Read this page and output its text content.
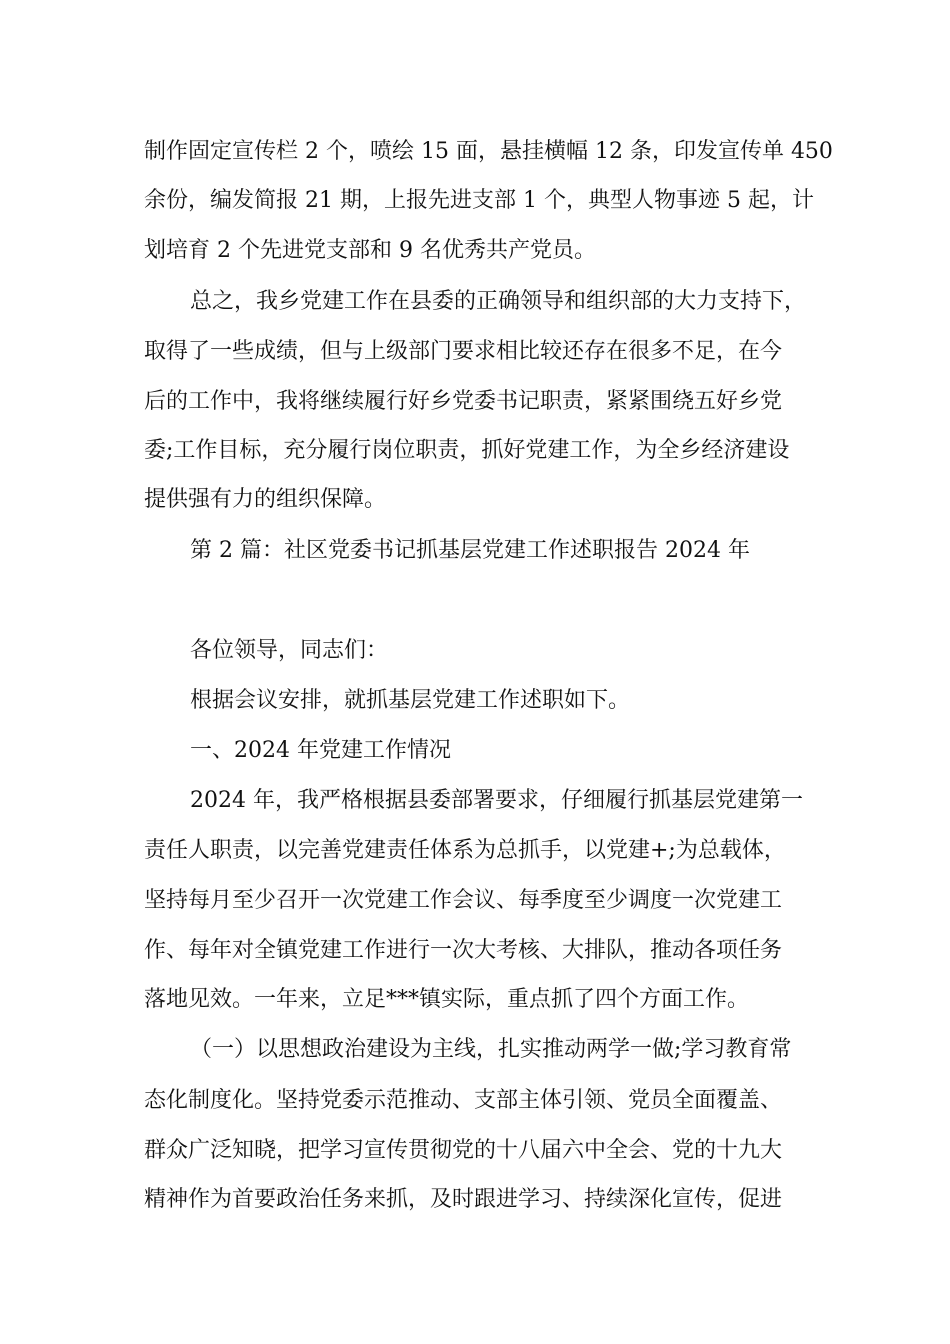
制作固定宣传栏 2 个，喷绘 15 面，悬挂横幅 12 条，印发宣传单 450
余份，编发简报 21 期，上报先进支部 1 个，典型人物事迹 5 起，计
划培育 2 个先进党支部和 9 名优秀共产党员。
总之，我乡党建工作在县委的正确领导和组织部的大力支持下，
取得了一些成绩，但与上级部门要求相比较还存在很多不足，在今
后的工作中，我将继续履行好乡党委书记职责，紧紧围绕五好乡党
委;工作目标，充分履行岗位职责，抓好党建工作，为全乡经济建设
提供强有力的组织保障。
第 2 篇：社区党委书记抓基层党建工作述职报告 2024 年
各位领导，同志们：
根据会议安排，就抓基层党建工作述职如下。
一、2024 年党建工作情况
2024 年，我严格根据县委部署要求，仔细履行抓基层党建第一
责任人职责，以完善党建责任体系为总抓手，以党建+;为总载体，
坚持每月至少召开一次党建工作会议、每季度至少调度一次党建工
作、每年对全镇党建工作进行一次大考核、大排队，推动各项任务
落地见效。一年来，立足***镇实际，重点抓了四个方面工作。
（一）以思想政治建设为主线，扎实推动两学一做;学习教育常
态化制度化。坚持党委示范推动、支部主体引领、党员全面覆盖、
群众广泛知晓，把学习宣传贯彻党的十八届六中全会、党的十九大
精神作为首要政治任务来抓，及时跟进学习、持续深化宣传，促进
